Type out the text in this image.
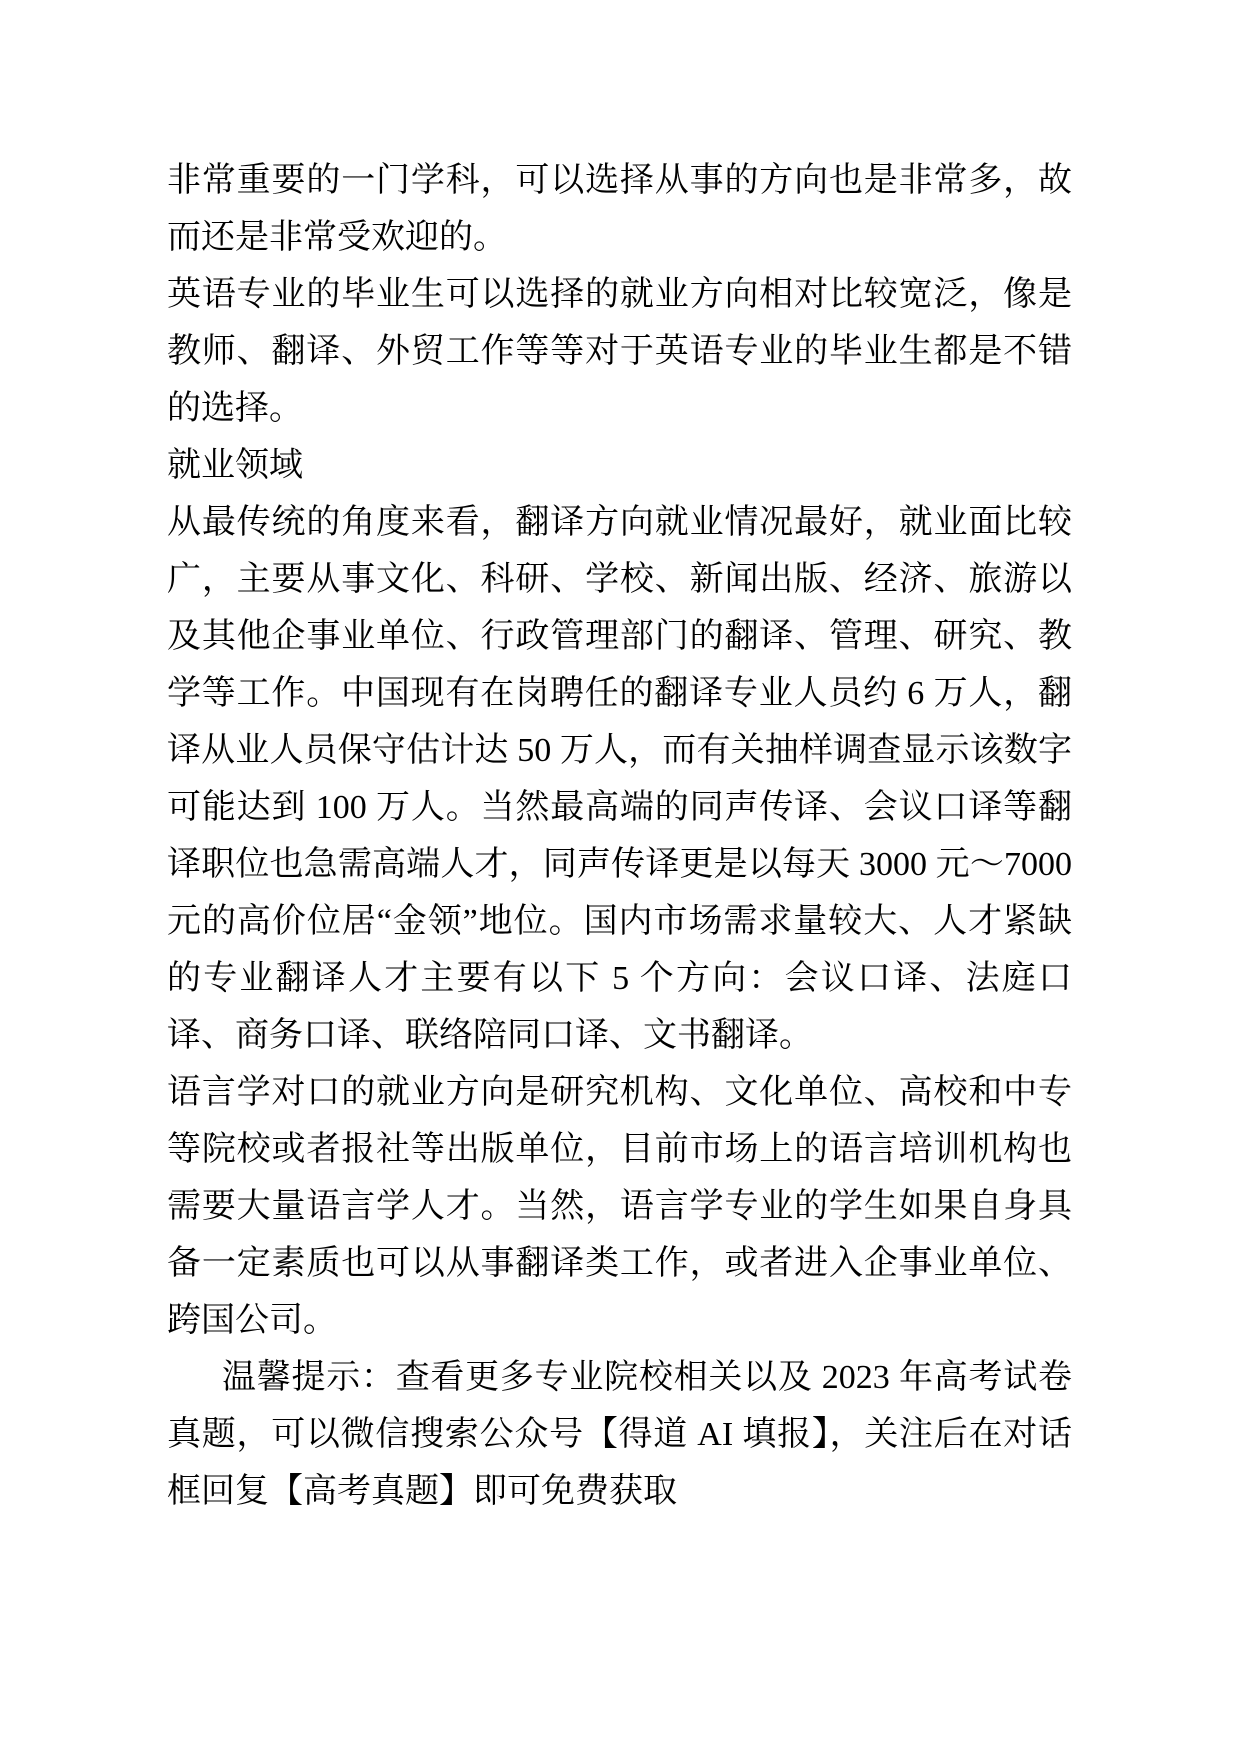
非常重要的一门学科，可以选择从事的方向也是非常多，故而还是非常受欢迎的。

英语专业的毕业生可以选择的就业方向相对比较宽泛，像是教师、翻译、外贸工作等等对于英语专业的毕业生都是不错的选择。

就业领域

从最传统的角度来看，翻译方向就业情况最好，就业面比较广，主要从事文化、科研、学校、新闻出版、经济、旅游以及其他企事业单位、行政管理部门的翻译、管理、研究、教学等工作。中国现有在岗聘任的翻译专业人员约 6 万人，翻译从业人员保守估计达 50 万人，而有关抽样调查显示该数字可能达到 100 万人。当然最高端的同声传译、会议口译等翻译职位也急需高端人才，同声传译更是以每天 3000 元～7000 元的高价位居“金领”地位。国内市场需求量较大、人才紧缺的专业翻译人才主要有以下 5 个方向：会议口译、法庭口译、商务口译、联络陪同口译、文书翻译。

语言学对口的就业方向是研究机构、文化单位、高校和中专等院校或者报社等出版单位，目前市场上的语言培训机构也需要大量语言学人才。当然，语言学专业的学生如果自身具备一定素质也可以从事翻译类工作，或者进入企事业单位、跨国公司。

温馨提示：查看更多专业院校相关以及 2023 年高考试卷真题，可以微信搜索公众号【得道 AI 填报】，关注后在对话框回复【高考真题】即可免费获取
